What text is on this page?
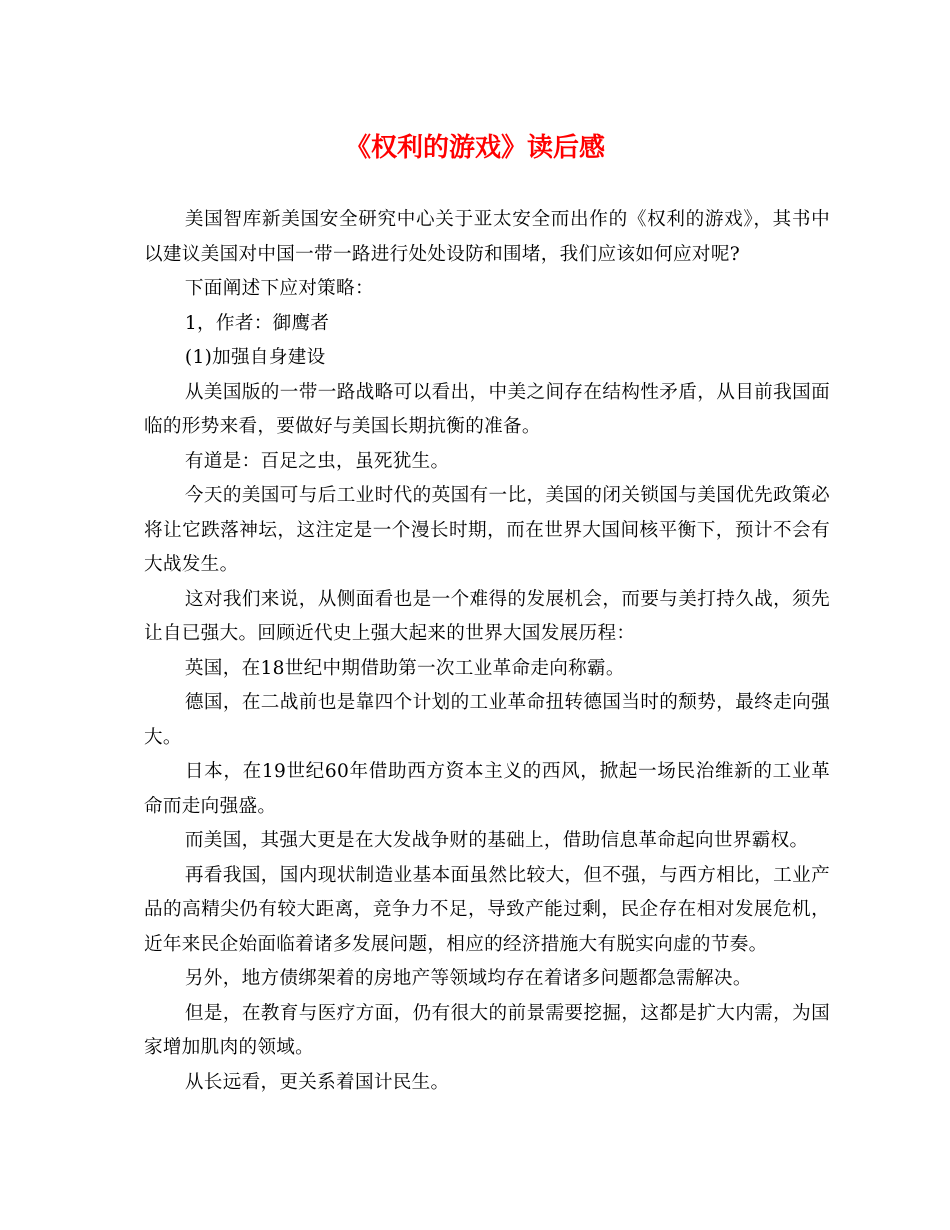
《权利的游戏》读后感

美国智库新美国安全研究中心关于亚太安全而出作的《权利的游戏》，其书中以建议美国对中国一带一路进行处处设防和围堵，我们应该如何应对呢?

下面阐述下应对策略：

1，作者：御鹰者

(1)加强自身建设

从美国版的一带一路战略可以看出，中美之间存在结构性矛盾，从目前我国面临的形势来看，要做好与美国长期抗衡的准备。

有道是：百足之虫，虽死犹生。

今天的美国可与后工业时代的英国有一比，美国的闭关锁国与美国优先政策必将让它跌落神坛，这注定是一个漫长时期，而在世界大国间核平衡下，预计不会有大战发生。

这对我们来说，从侧面看也是一个难得的发展机会，而要与美打持久战，须先让自已强大。回顾近代史上强大起来的世界大国发展历程：

英国，在18世纪中期借助第一次工业革命走向称霸。

德国，在二战前也是靠四个计划的工业革命扭转德国当时的颓势，最终走向强大。

日本，在19世纪60年借助西方资本主义的西风，掀起一场民治维新的工业革命而走向强盛。

而美国，其强大更是在大发战争财的基础上，借助信息革命起向世界霸权。

再看我国，国内现状制造业基本面虽然比较大，但不强，与西方相比，工业产品的高精尖仍有较大距离，竞争力不足，导致产能过剩，民企存在相对发展危机，近年来民企始面临着诸多发展问题，相应的经济措施大有脱实向虚的节奏。

另外，地方债绑架着的房地产等领域均存在着诸多问题都急需解决。

但是，在教育与医疗方面，仍有很大的前景需要挖掘，这都是扩大内需，为国家增加肌肉的领域。

从长远看，更关系着国计民生。
